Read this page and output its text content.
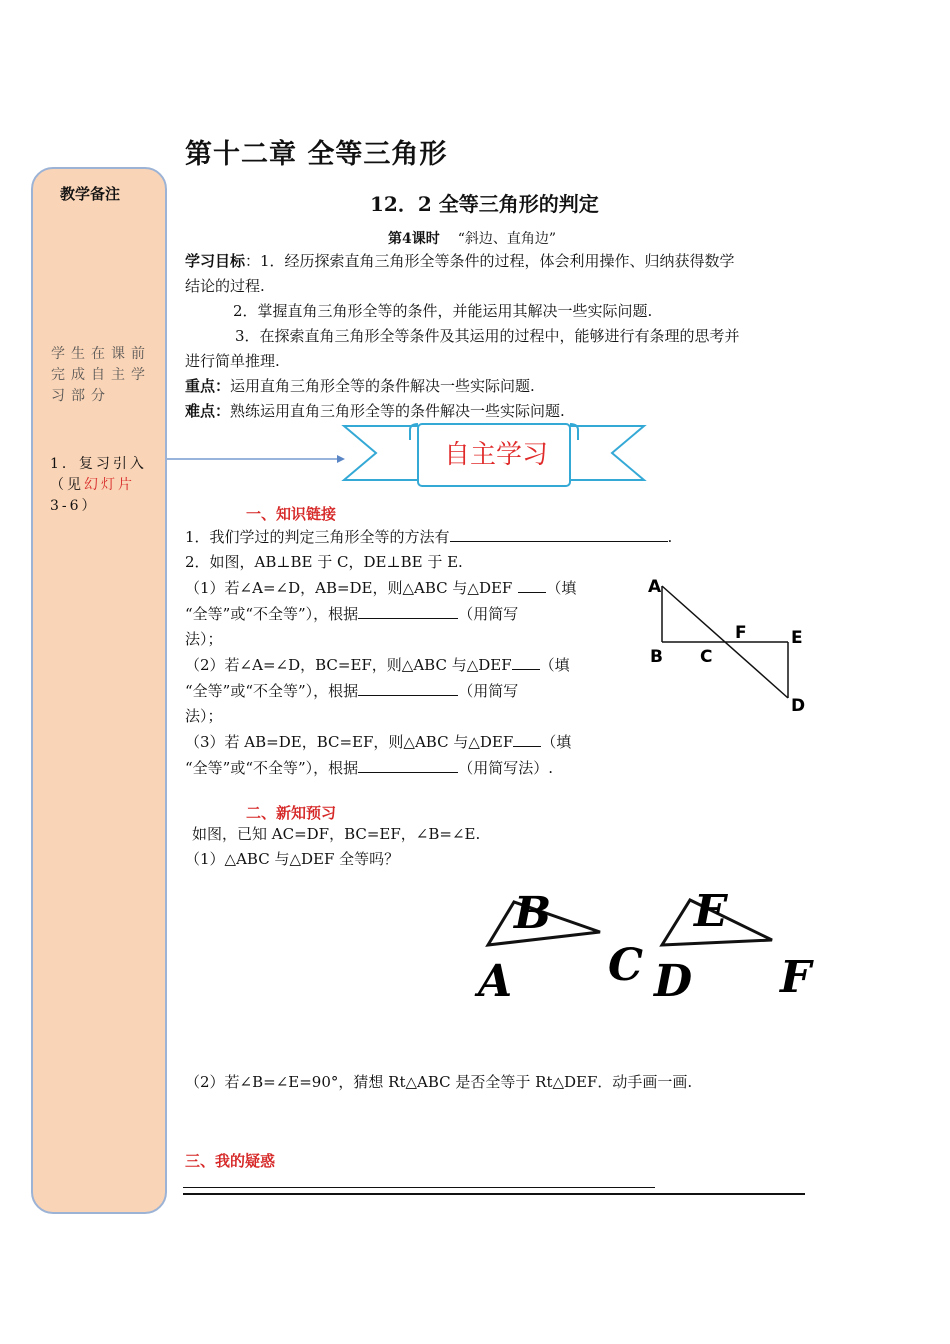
第十二章 全等三角形
教学备注
学生在课前完成自主学习部分
1．复习引入（见幻灯片3-6）
12．2 全等三角形的判定
第4课时 “斜边、直角边”
学习目标：1．经历探索直角三角形全等条件的过程，体会利用操作、归纳获得数学
结论的过程.
2．掌握直角三角形全等的条件，并能运用其解决一些实际问题.
3．在探索直角三角形全等条件及其运用的过程中，能够进行有条理的思考并
进行简单推理.
重点：运用直角三角形全等的条件解决一些实际问题.
难点：熟练运用直角三角形全等的条件解决一些实际问题.
自主学习
一、知识链接
1．我们学过的判定三角形全等的方法有	.
2．如图，AB⊥BE 于 C，DE⊥BE 于 E.
（1）若∠A=∠D，AB=DE，则△ABC 与△DEF （填
“全等”或“不全等”），根据	（用简写
法）；
（2）若∠A=∠D，BC=EF，则△ABC 与△DEF （填
“全等”或“不全等”），根据	（用简写
法）；
（3）若 AB=DE，BC=EF，则△ABC 与△DEF （填
“全等”或“不全等”），根据	（用简写法）.
A
B C
F	E
D
二、新知预习
如图，已知 AC=DF，BC=EF，∠B=∠E.
（1）△ABC 与△DEF 全等吗？
B
A C
E
D F
（2）若∠B=∠E=90°，猜想 Rt△ABC 是否全等于 Rt△DEF．动手画一画.
三、我的疑惑
